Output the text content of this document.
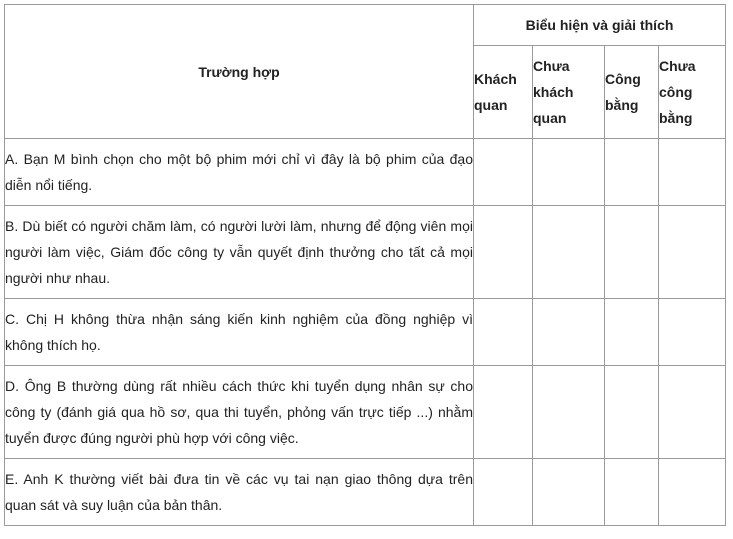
Trường hợp	Biểu hiện và giải thích			
	Khách quan	Chưa khách quan	Công bằng	Chưa công bằng
A. Bạn M bình chọn cho một bộ phim mới chỉ vì đây là bộ phim của đạo diễn nổi tiếng.				
B. Dù biết có người chăm làm, có người lười làm, nhưng để động viên mọi người làm việc, Giám đốc công ty vẫn quyết định thưởng cho tất cả mọi người như nhau.				
C. Chị H không thừa nhận sáng kiến kinh nghiệm của đồng nghiệp vì không thích họ.				
D. Ông B thường dùng rất nhiều cách thức khi tuyển dụng nhân sự cho công ty (đánh giá qua hồ sơ, qua thi tuyển, phỏng vấn trực tiếp ...) nhằm tuyển được đúng người phù hợp với công việc.				
E. Anh K thường viết bài đưa tin về các vụ tai nạn giao thông dựa trên quan sát và suy luận của bản thân.				
